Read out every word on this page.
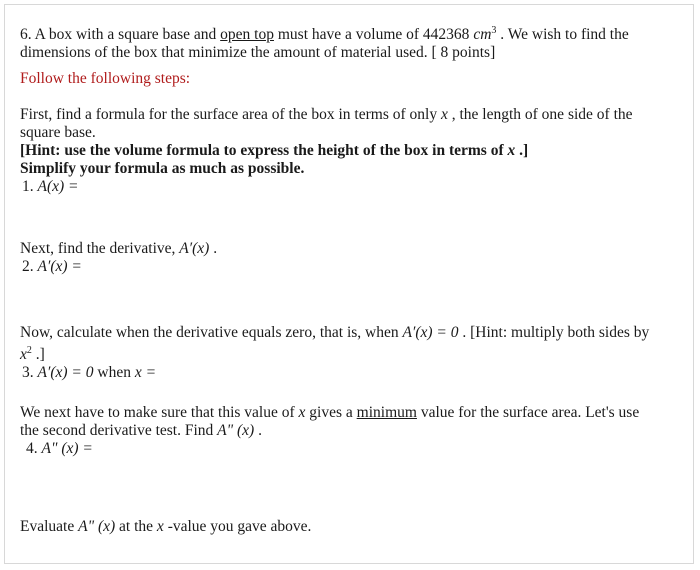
6. A box with a square base and open top must have a volume of 442368 $cm^3$ . We wish to find the dimensions of the box that minimize the amount of material used. [ 8 points]

Follow the following steps:

First, find a formula for the surface area of the box in terms of only x , the length of one side of the square base.

[Hint: use the volume formula to express the height of the box in terms of x .]

Simplify your formula as much as possible.

1. A(x) =

Next, find the derivative, A′(x) .

2. A′(x) =

Now, calculate when the derivative equals zero, that is, when A′(x) = 0 . [Hint: multiply both sides by $x^2$ .]

3. A′(x) = 0 when x =

We next have to make sure that this value of x gives a minimum value for the surface area. Let's use the second derivative test. Find A" (x) .

4. A" (x) =

Evaluate A" (x) at the x -value you gave above.
